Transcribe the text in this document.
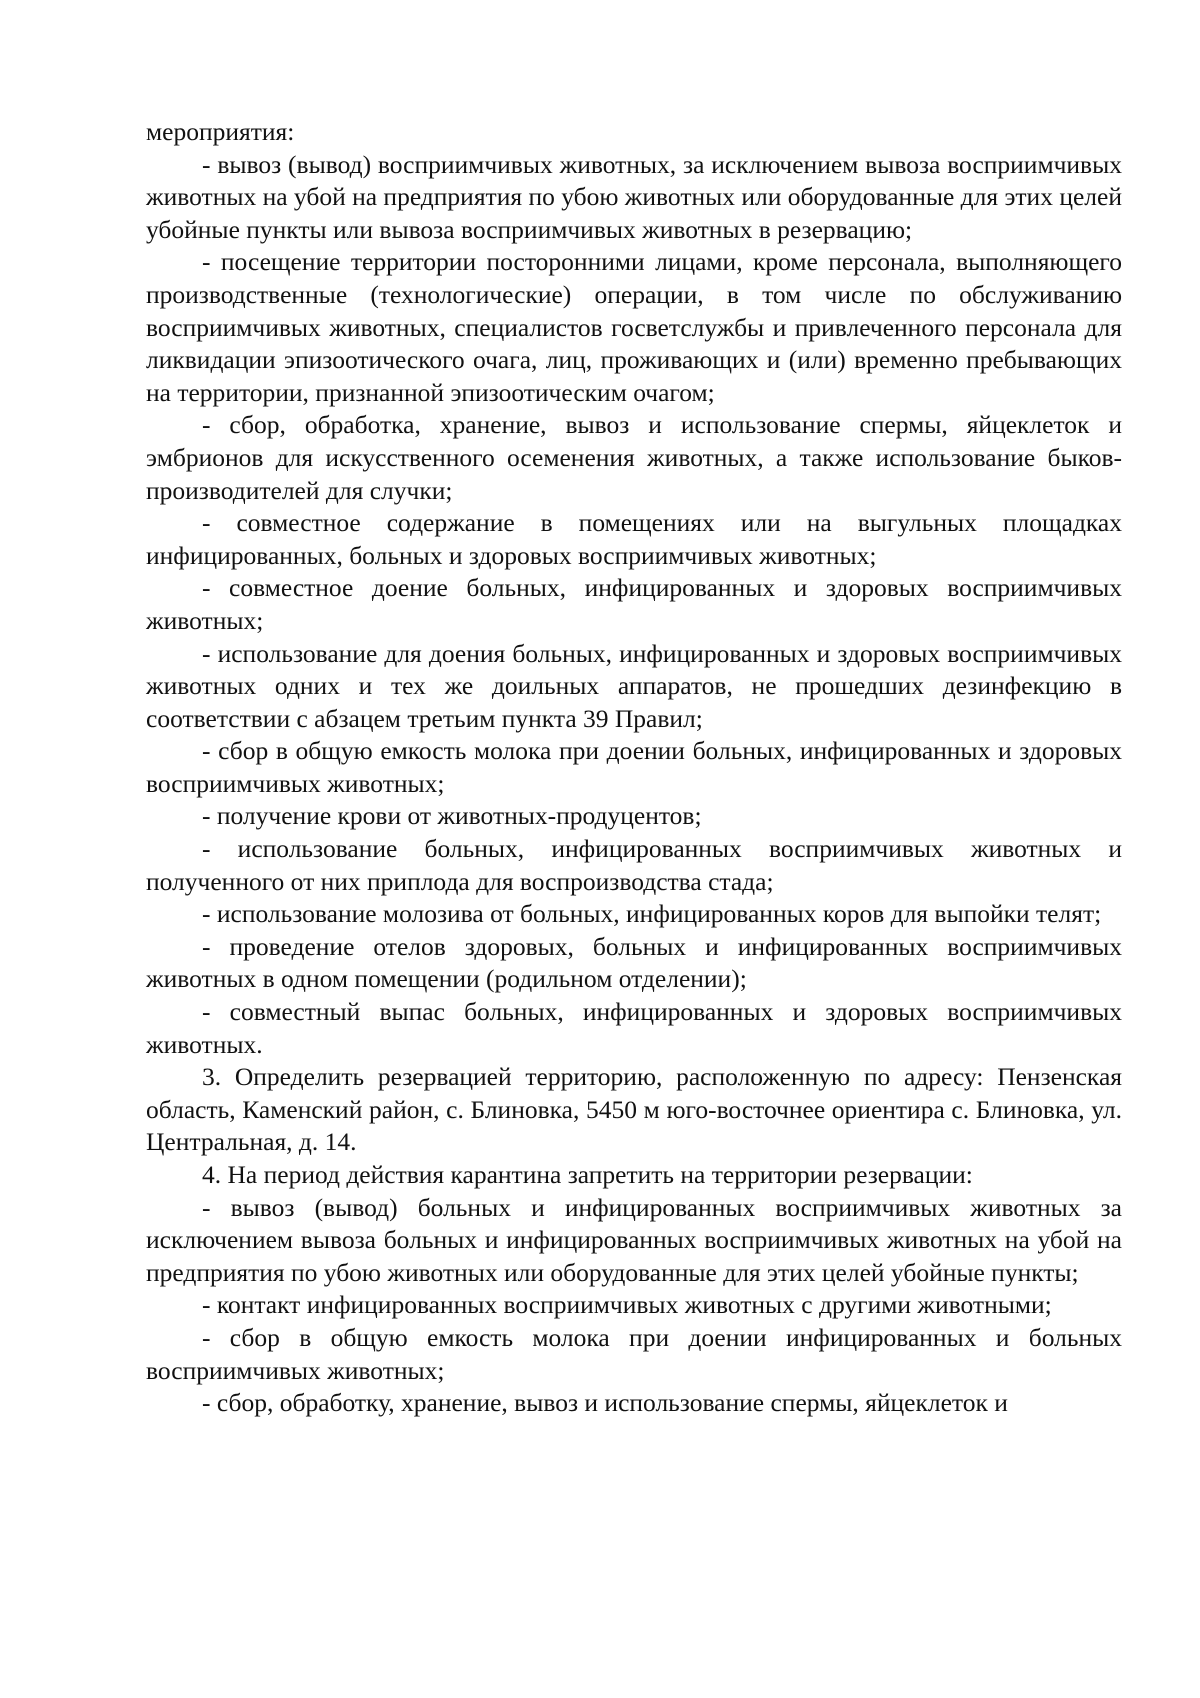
мероприятия:

- вывоз (вывод) восприимчивых животных, за исключением вывоза восприимчивых животных на убой на предприятия по убою животных или оборудованные для этих целей убойные пункты или вывоза восприимчивых животных в резервацию;

- посещение территории посторонними лицами, кроме персонала, выполняющего производственные (технологические) операции, в том числе по обслуживанию восприимчивых животных, специалистов госветслужбы и привлеченного персонала для ликвидации эпизоотического очага, лиц, проживающих и (или) временно пребывающих на территории, признанной эпизоотическим очагом;

- сбор, обработка, хранение, вывоз и использование спермы, яйцеклеток и эмбрионов для искусственного осеменения животных, а также использование быков-производителей для случки;

- совместное содержание в помещениях или на выгульных площадках инфицированных, больных и здоровых восприимчивых животных;

- совместное доение больных, инфицированных и здоровых восприимчивых животных;

- использование для доения больных, инфицированных и здоровых восприимчивых животных одних и тех же доильных аппаратов, не прошедших дезинфекцию в соответствии с абзацем третьим пункта 39 Правил;

- сбор в общую емкость молока при доении больных, инфицированных и здоровых восприимчивых животных;

- получение крови от животных-продуцентов;

- использование больных, инфицированных восприимчивых животных и полученного от них приплода для воспроизводства стада;

- использование молозива от больных, инфицированных коров для выпойки телят;

- проведение отелов здоровых, больных и инфицированных восприимчивых животных в одном помещении (родильном отделении);

- совместный выпас больных, инфицированных и здоровых восприимчивых животных.

3. Определить резервацией территорию, расположенную по адресу: Пензенская область, Каменский район, с. Блиновка, 5450 м юго-восточнее ориентира с. Блиновка, ул. Центральная, д. 14.

4. На период действия карантина запретить на территории резервации:

- вывоз (вывод) больных и инфицированных восприимчивых животных за исключением вывоза больных и инфицированных восприимчивых животных на убой на предприятия по убою животных или оборудованные для этих целей убойные пункты;

- контакт инфицированных восприимчивых животных с другими животными;

- сбор в общую емкость молока при доении инфицированных и больных восприимчивых животных;

- сбор, обработку, хранение, вывоз и использование спермы, яйцеклеток и
